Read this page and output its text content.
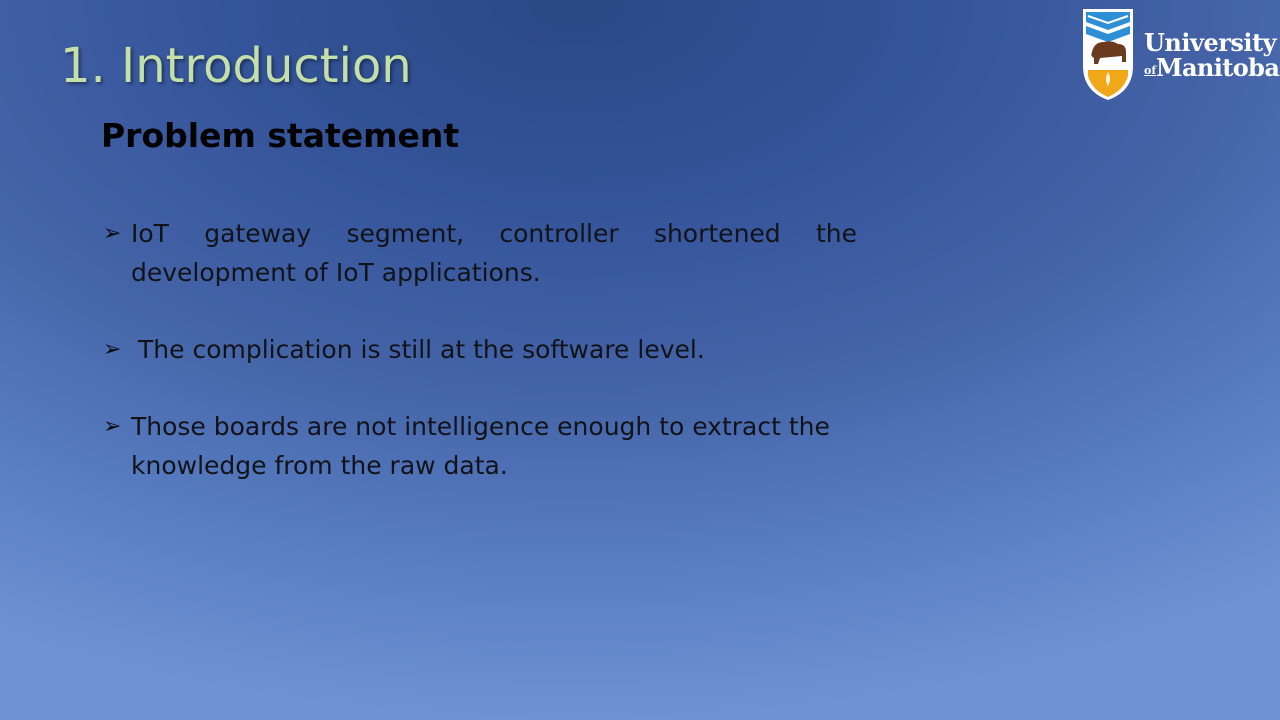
1. Introduction
Problem statement
➢ IoT gateway segment, controller shortened the development of IoT applications.
➢ The complication is still at the software level.
➢ Those boards are not intelligence enough to extract the knowledge from the raw data.
University
of Manitoba
